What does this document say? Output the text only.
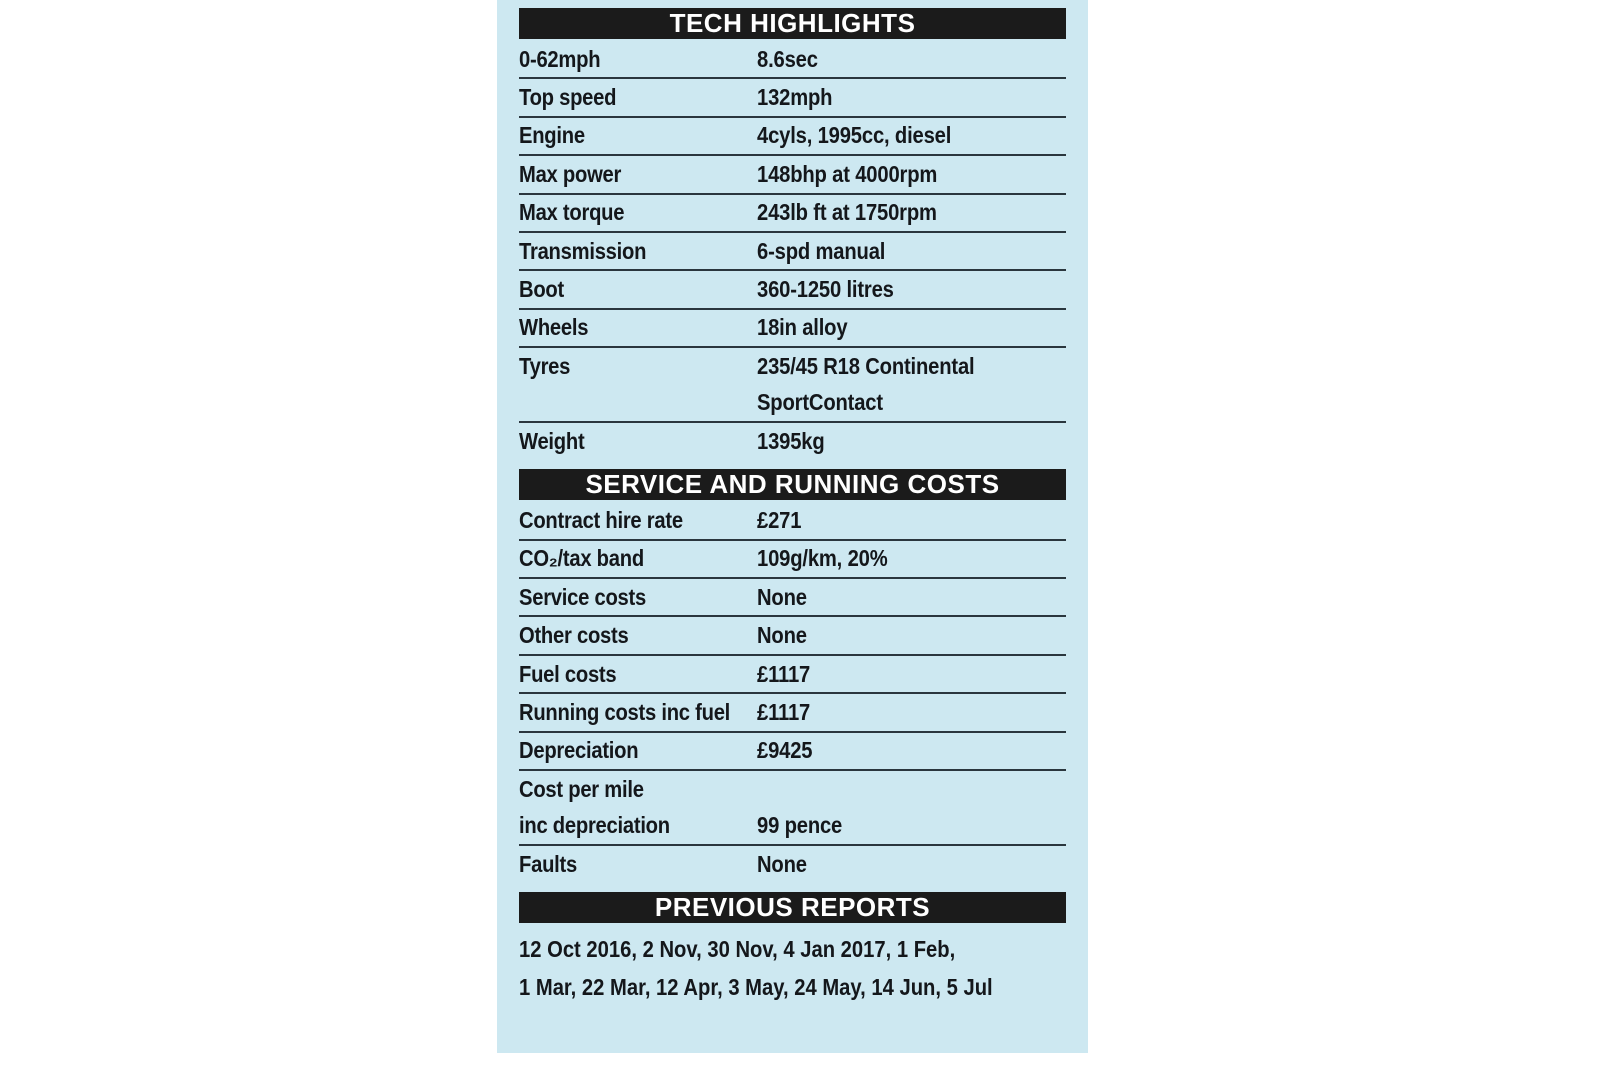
TECH HIGHLIGHTS
0-62mph	8.6sec
Top speed	132mph
Engine	4cyls, 1995cc, diesel
Max power	148bhp at 4000rpm
Max torque	243lb ft at 1750rpm
Transmission	6-spd manual
Boot	360-1250 litres
Wheels	18in alloy
Tyres	235/45 R18 Continental
SportContact
Weight	1395kg
SERVICE AND RUNNING COSTS
Contract hire rate	£271
CO₂/tax band	109g/km, 20%
Service costs	None
Other costs	None
Fuel costs	£1117
Running costs inc fuel £1117
Depreciation	£9425
Cost per mile
inc depreciation	99 pence
Faults	None
PREVIOUS REPORTS
12 Oct 2016, 2 Nov, 30 Nov, 4 Jan 2017, 1 Feb,
1 Mar, 22 Mar, 12 Apr, 3 May, 24 May, 14 Jun, 5 Jul
